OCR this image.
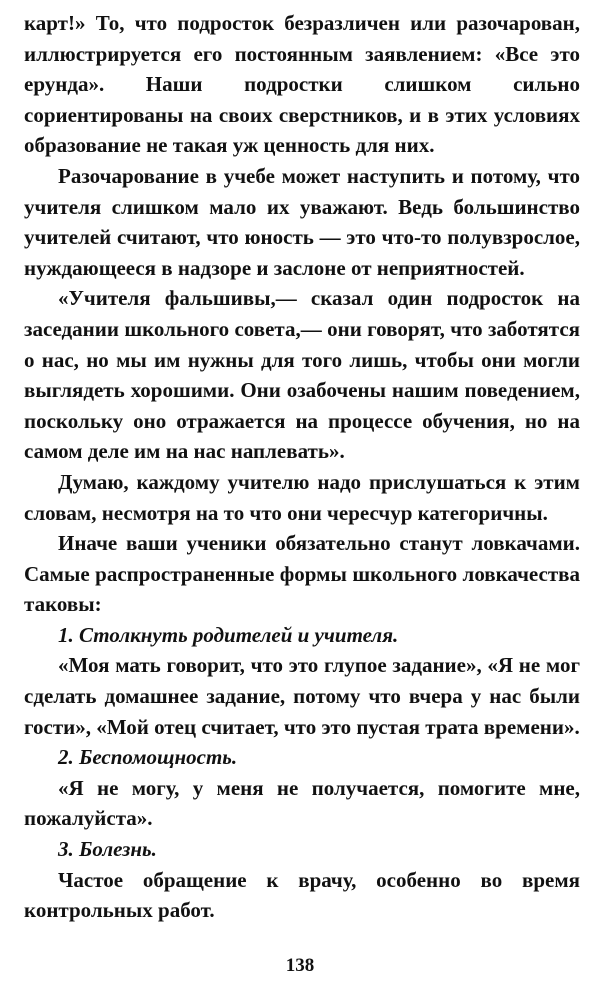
карт!» То, что подросток безразличен или разочарован, иллюстрируется его постоянным заявлением: «Все это ерунда». Наши подростки слишком сильно сориентированы на своих сверстников, и в этих условиях образование не такая уж ценность для них.

Разочарование в учебе может наступить и потому, что учителя слишком мало их уважают. Ведь большинство учителей считают, что юность — это что-то полувзрослое, нуждающееся в надзоре и заслоне от неприятностей.

«Учителя фальшивы,— сказал один подросток на заседании школьного совета,— они говорят, что заботятся о нас, но мы им нужны для того лишь, чтобы они могли выглядеть хорошими. Они озабочены нашим поведением, поскольку оно отражается на процессе обучения, но на самом деле им на нас наплевать».

Думаю, каждому учителю надо прислушаться к этим словам, несмотря на то что они чересчур категоричны.

Иначе ваши ученики обязательно станут ловкачами. Самые распространенные формы школьного ловкачества таковы:

1. Столкнуть родителей и учителя.

«Моя мать говорит, что это глупое задание», «Я не мог сделать домашнее задание, потому что вчера у нас были гости», «Мой отец считает, что это пустая трата времени».

2. Беспомощность.

«Я не могу, у меня не получается, помогите мне, пожалуйста».

3. Болезнь.

Частое обращение к врачу, особенно во время контрольных работ.

138
